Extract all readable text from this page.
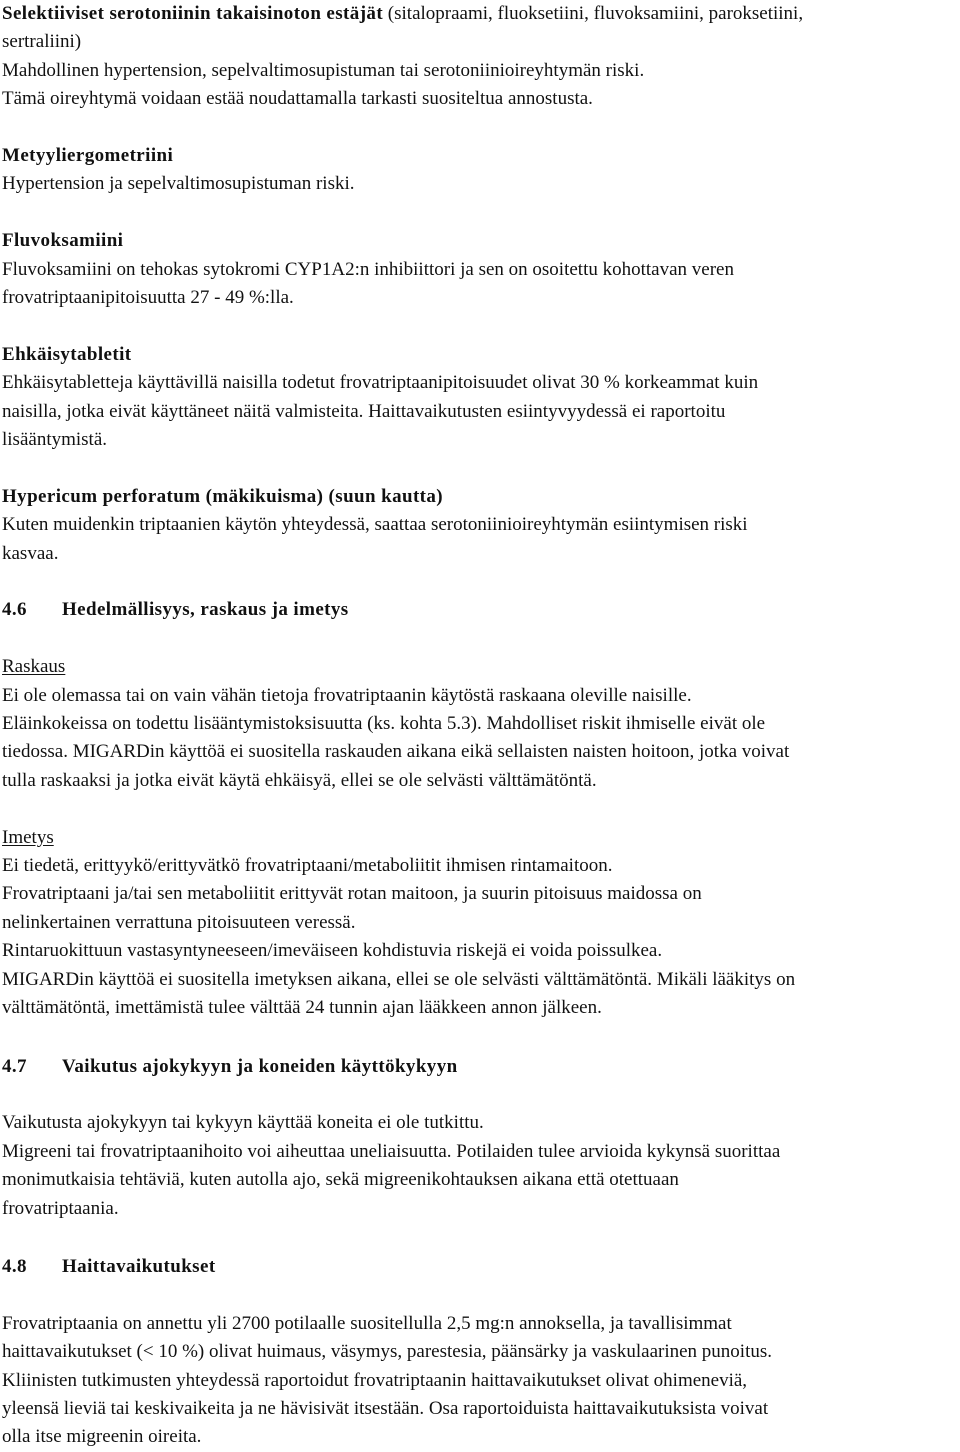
Selektiiviset serotoniinin takaisinoton estäjät (sitalopraami, fluoksetiini, fluvoksamiini, paroksetiini,
sertraliini)
Mahdollinen hypertension, sepelvaltimosupistuman tai serotoniinioireyhtymän riski.
Tämä oireyhtymä voidaan estää noudattamalla tarkasti suositeltua annostusta.
Metyyliergometriini
Hypertension ja sepelvaltimosupistuman riski.
Fluvoksamiini
Fluvoksamiini on tehokas sytokromi CYP1A2:n inhibiittori ja sen on osoitettu kohottavan veren
frovatriptaanipitoisuutta 27 - 49 %:lla.
Ehkäisytabletit
Ehkäisytabletteja käyttävillä naisilla todetut frovatriptaanipitoisuudet olivat 30 % korkeammat kuin
naisilla, jotka eivät käyttäneet näitä valmisteita. Haittavaikutusten esiintyvyydessä ei raportoitu
lisääntymistä.
Hypericum perforatum (mäkikuisma) (suun kautta)
Kuten muidenkin triptaanien käytön yhteydessä, saattaa serotoniinioireyhtymän esiintymisen riski
kasvaa.
4.6 Hedelmällisyys, raskaus ja imetys
Raskaus
Ei ole olemassa tai on vain vähän tietoja frovatriptaanin käytöstä raskaana oleville naisille.
Eläinkokeissa on todettu lisääntymistoksisuutta (ks. kohta 5.3). Mahdolliset riskit ihmiselle eivät ole
tiedossa. MIGARDin käyttöä ei suositella raskauden aikana eikä sellaisten naisten hoitoon, jotka voivat
tulla raskaaksi ja jotka eivät käytä ehkäisyä, ellei se ole selvästi välttämätöntä.
Imetys
Ei tiedetä, erittyykö/erittyvätkö frovatriptaani/metaboliitit ihmisen rintamaitoon.
Frovatriptaani ja/tai sen metaboliitit erittyvät rotan maitoon, ja suurin pitoisuus maidossa on
nelinkertainen verrattuna pitoisuuteen veressä.
Rintaruokittuun vastasyntyneeseen/imeväiseen kohdistuvia riskejä ei voida poissulkea.
MIGARDin käyttöä ei suositella imetyksen aikana, ellei se ole selvästi välttämätöntä. Mikäli lääkitys on
välttämätöntä, imettämistä tulee välttää 24 tunnin ajan lääkkeen annon jälkeen.
4.7 Vaikutus ajokykyyn ja koneiden käyttökykyyn
Vaikutusta ajokykyyn tai kykyyn käyttää koneita ei ole tutkittu.
Migreeni tai frovatriptaanihoito voi aiheuttaa uneliaisuutta. Potilaiden tulee arvioida kykynsä suorittaa
monimutkaisia tehtäviä, kuten autolla ajo, sekä migreenikohtauksen aikana että otettuaan
frovatriptaania.
4.8 Haittavaikutukset
Frovatriptaania on annettu yli 2700 potilaalle suositellulla 2,5 mg:n annoksella, ja tavallisimmat
haittavaikutukset (< 10 %) olivat huimaus, väsymys, parestesia, päänsärky ja vaskulaarinen punoitus.
Kliinisten tutkimusten yhteydessä raportoidut frovatriptaanin haittavaikutukset olivat ohimeneviä,
yleensä lieviä tai keskivaikeita ja ne hävisivät itsestään. Osa raportoiduista haittavaikutuksista voivat
olla itse migreenin oireita.
